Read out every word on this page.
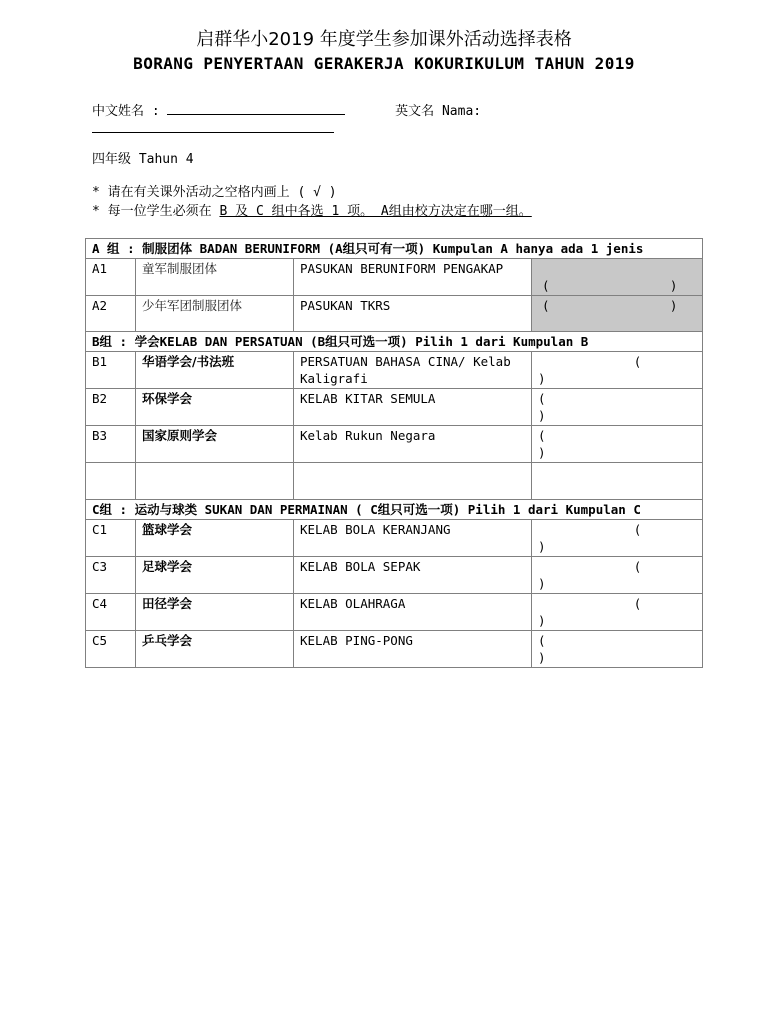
启群华小2019 年度学生参加课外活动选择表格
BORANG PENYERTAAN GERAKERJA KOKURIKULUM TAHUN 2019
中文姓名 :	英文名 Nama:
四年级 Tahun 4
* 请在有关课外活动之空格内画上 ( √ )
* 每一位学生必须在 B 及 C 组中各选 1 项。 A组由校方决定在哪一组。
A 组 : 制服团体 BADAN BERUNIFORM (A组只可有一项) Kumpulan A hanya ada 1 jenis			
A1	童军制服团体	PASUKAN BERUNIFORM PENGAKAP	(                )

A2	少年军团制服团体	PASUKAN TKRS	(                )

B组 : 学会KELAB DAN PERSATUAN (B组只可选一项) Pilih 1 dari Kumpulan B			
B1	华语学会/书法班	PERSATUAN BAHASA CINA/ Kelab Kaligrafi	(
)

B2	环保学会	KELAB KITAR SEMULA	(
)

B3	国家原则学会	Kelab Rukun Negara	(
)

C组 : 运动与球类 SUKAN DAN PERMAINAN ( C组只可选一项) Pilih 1 dari Kumpulan C			
C1	篮球学会	KELAB BOLA KERANJANG	(
)

C3	足球学会	KELAB BOLA SEPAK	(
)

C4	田径学会	KELAB OLAHRAGA	(
)

C5	乒乓学会	KELAB PING-PONG	(
)
